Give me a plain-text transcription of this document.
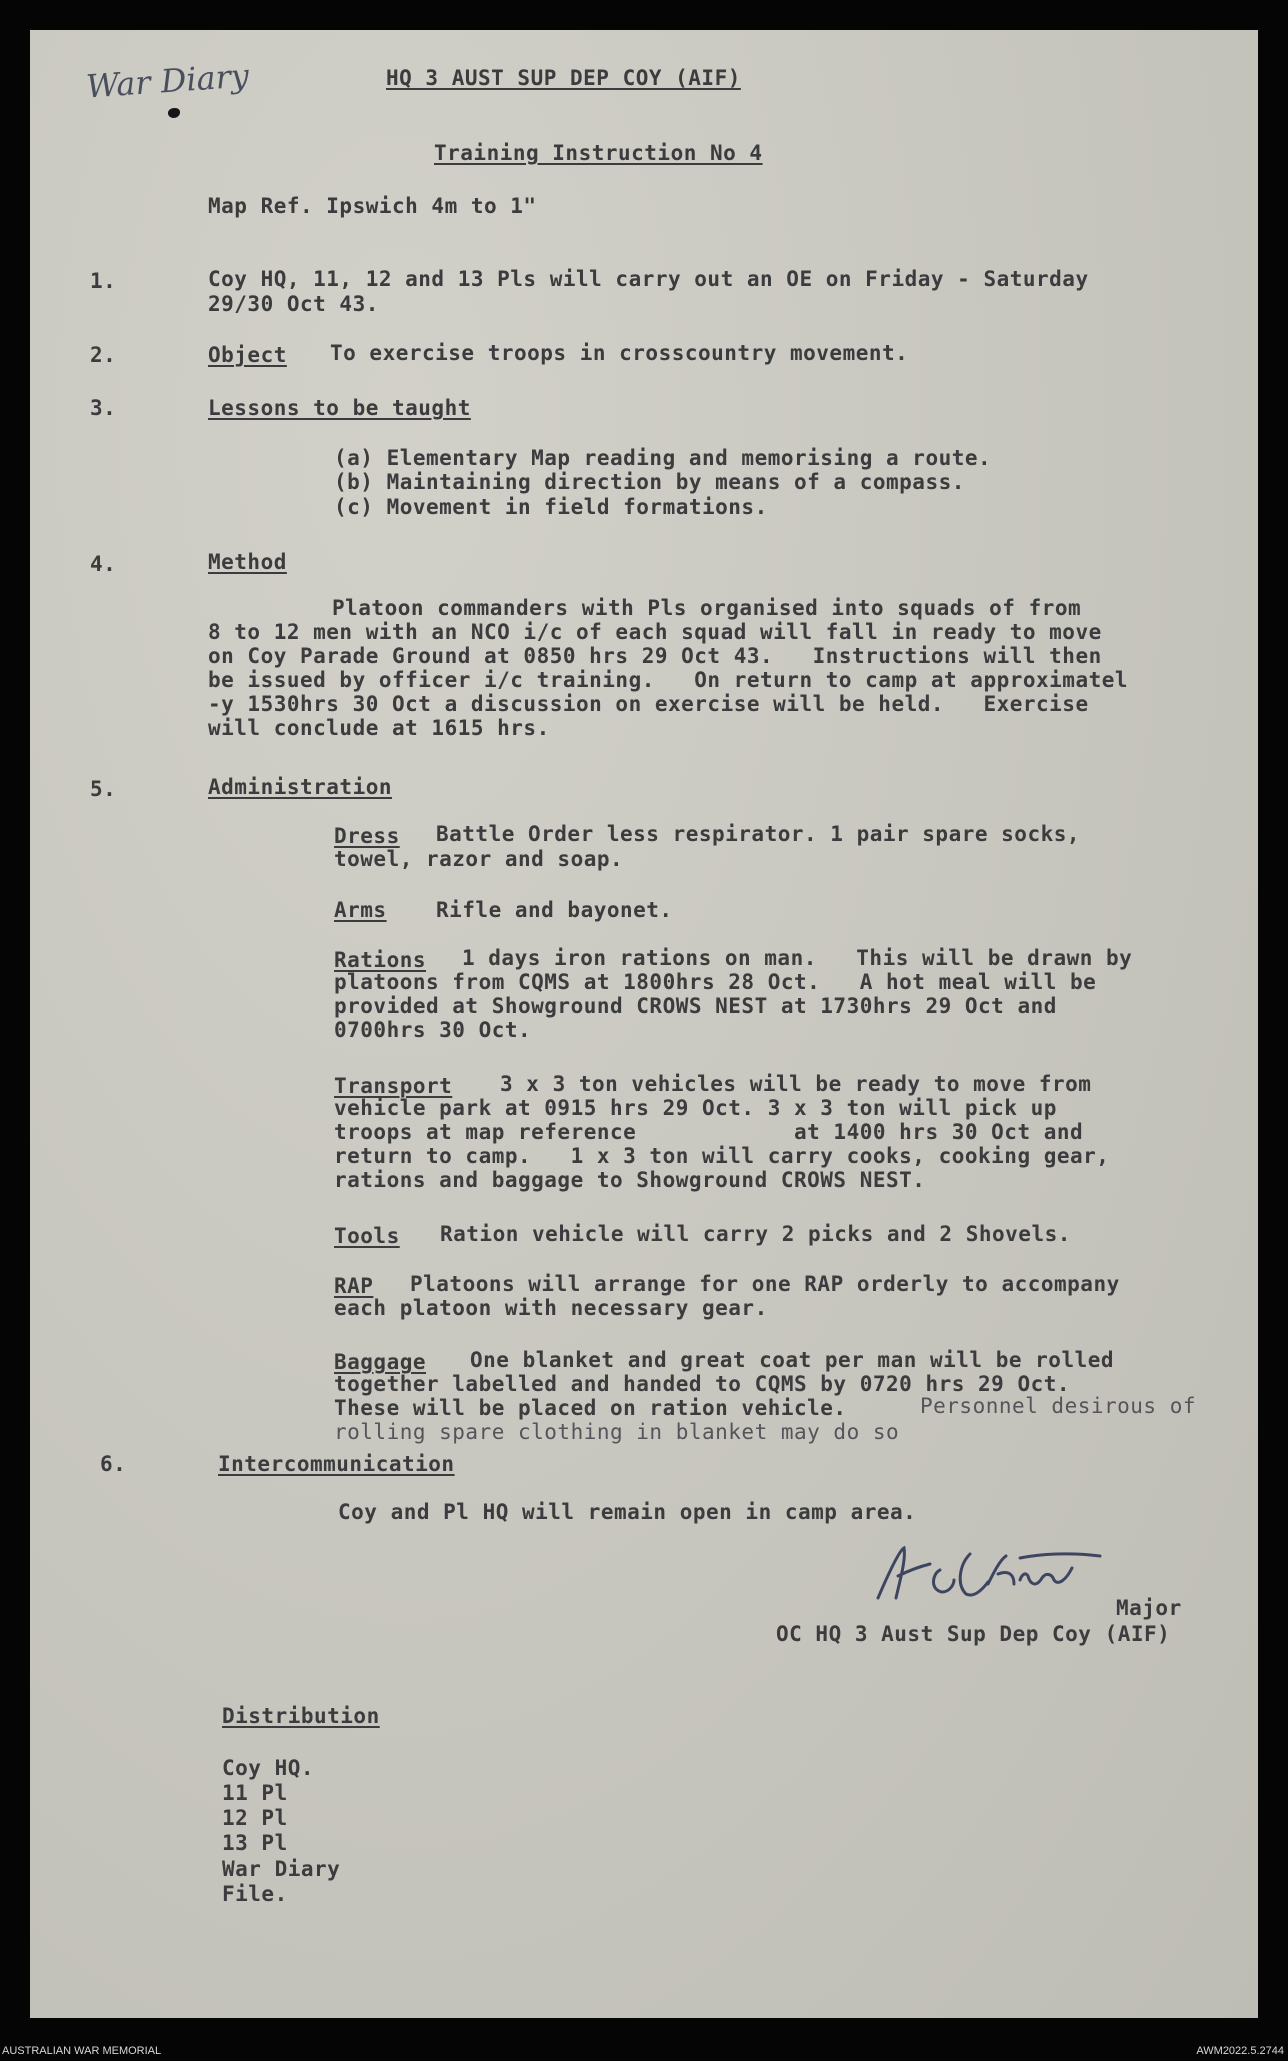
War Diary	HQ 3 AUST SUP DEP COY (AIF)
Training Instruction No 4
Map Ref. Ipswich 4m to 1"
1.	Coy HQ, 11, 12 and 13 Pls will carry out an OE on Friday - Saturday
29/30 Oct 43.
2.	Object To exercise troops in crosscountry movement.
3.	Lessons to be taught
(a) Elementary Map reading and memorising a route.
(b) Maintaining direction by means of a compass.
(c) Movement in field formations.
4.	Method
Platoon commanders with Pls organised into squads of from
8 to 12 men with an NCO i/c of each squad will fall in ready to move
on Coy Parade Ground at 0850 hrs 29 Oct 43.   Instructions will then
be issued by officer i/c training.   On return to camp at approximatel
-y 1530hrs 30 Oct a discussion on exercise will be held.   Exercise
will conclude at 1615 hrs.
5.	Administration
Dress Battle Order less respirator. 1 pair spare socks,
towel, razor and soap.
Arms Rifle and bayonet.
Rations 1 days iron rations on man.   This will be drawn by
platoons from CQMS at 1800hrs 28 Oct.   A hot meal will be
provided at Showground CROWS NEST at 1730hrs 29 Oct and
0700hrs 30 Oct.
Transport 3 x 3 ton vehicles will be ready to move from
vehicle park at 0915 hrs 29 Oct. 3 x 3 ton will pick up
troops at map reference            at 1400 hrs 30 Oct and
return to camp.   1 x 3 ton will carry cooks, cooking gear,
rations and baggage to Showground CROWS NEST.
Tools Ration vehicle will carry 2 picks and 2 Shovels.
RAP Platoons will arrange for one RAP orderly to accompany
each platoon with necessary gear.
Baggage One blanket and great coat per man will be rolled
together labelled and handed to CQMS by 0720 hrs 29 Oct.
These will be placed on ration vehicle.	Personnel desirous of
rolling spare clothing in blanket may do so
6.	Intercommunication
Coy and Pl HQ will remain open in camp area.
Major
OC HQ 3 Aust Sup Dep Coy (AIF)
Distribution
Coy HQ.
11 Pl
12 Pl
13 Pl
War Diary
File.
AUSTRALIAN WAR MEMORIAL	AWM2022.5.2744
